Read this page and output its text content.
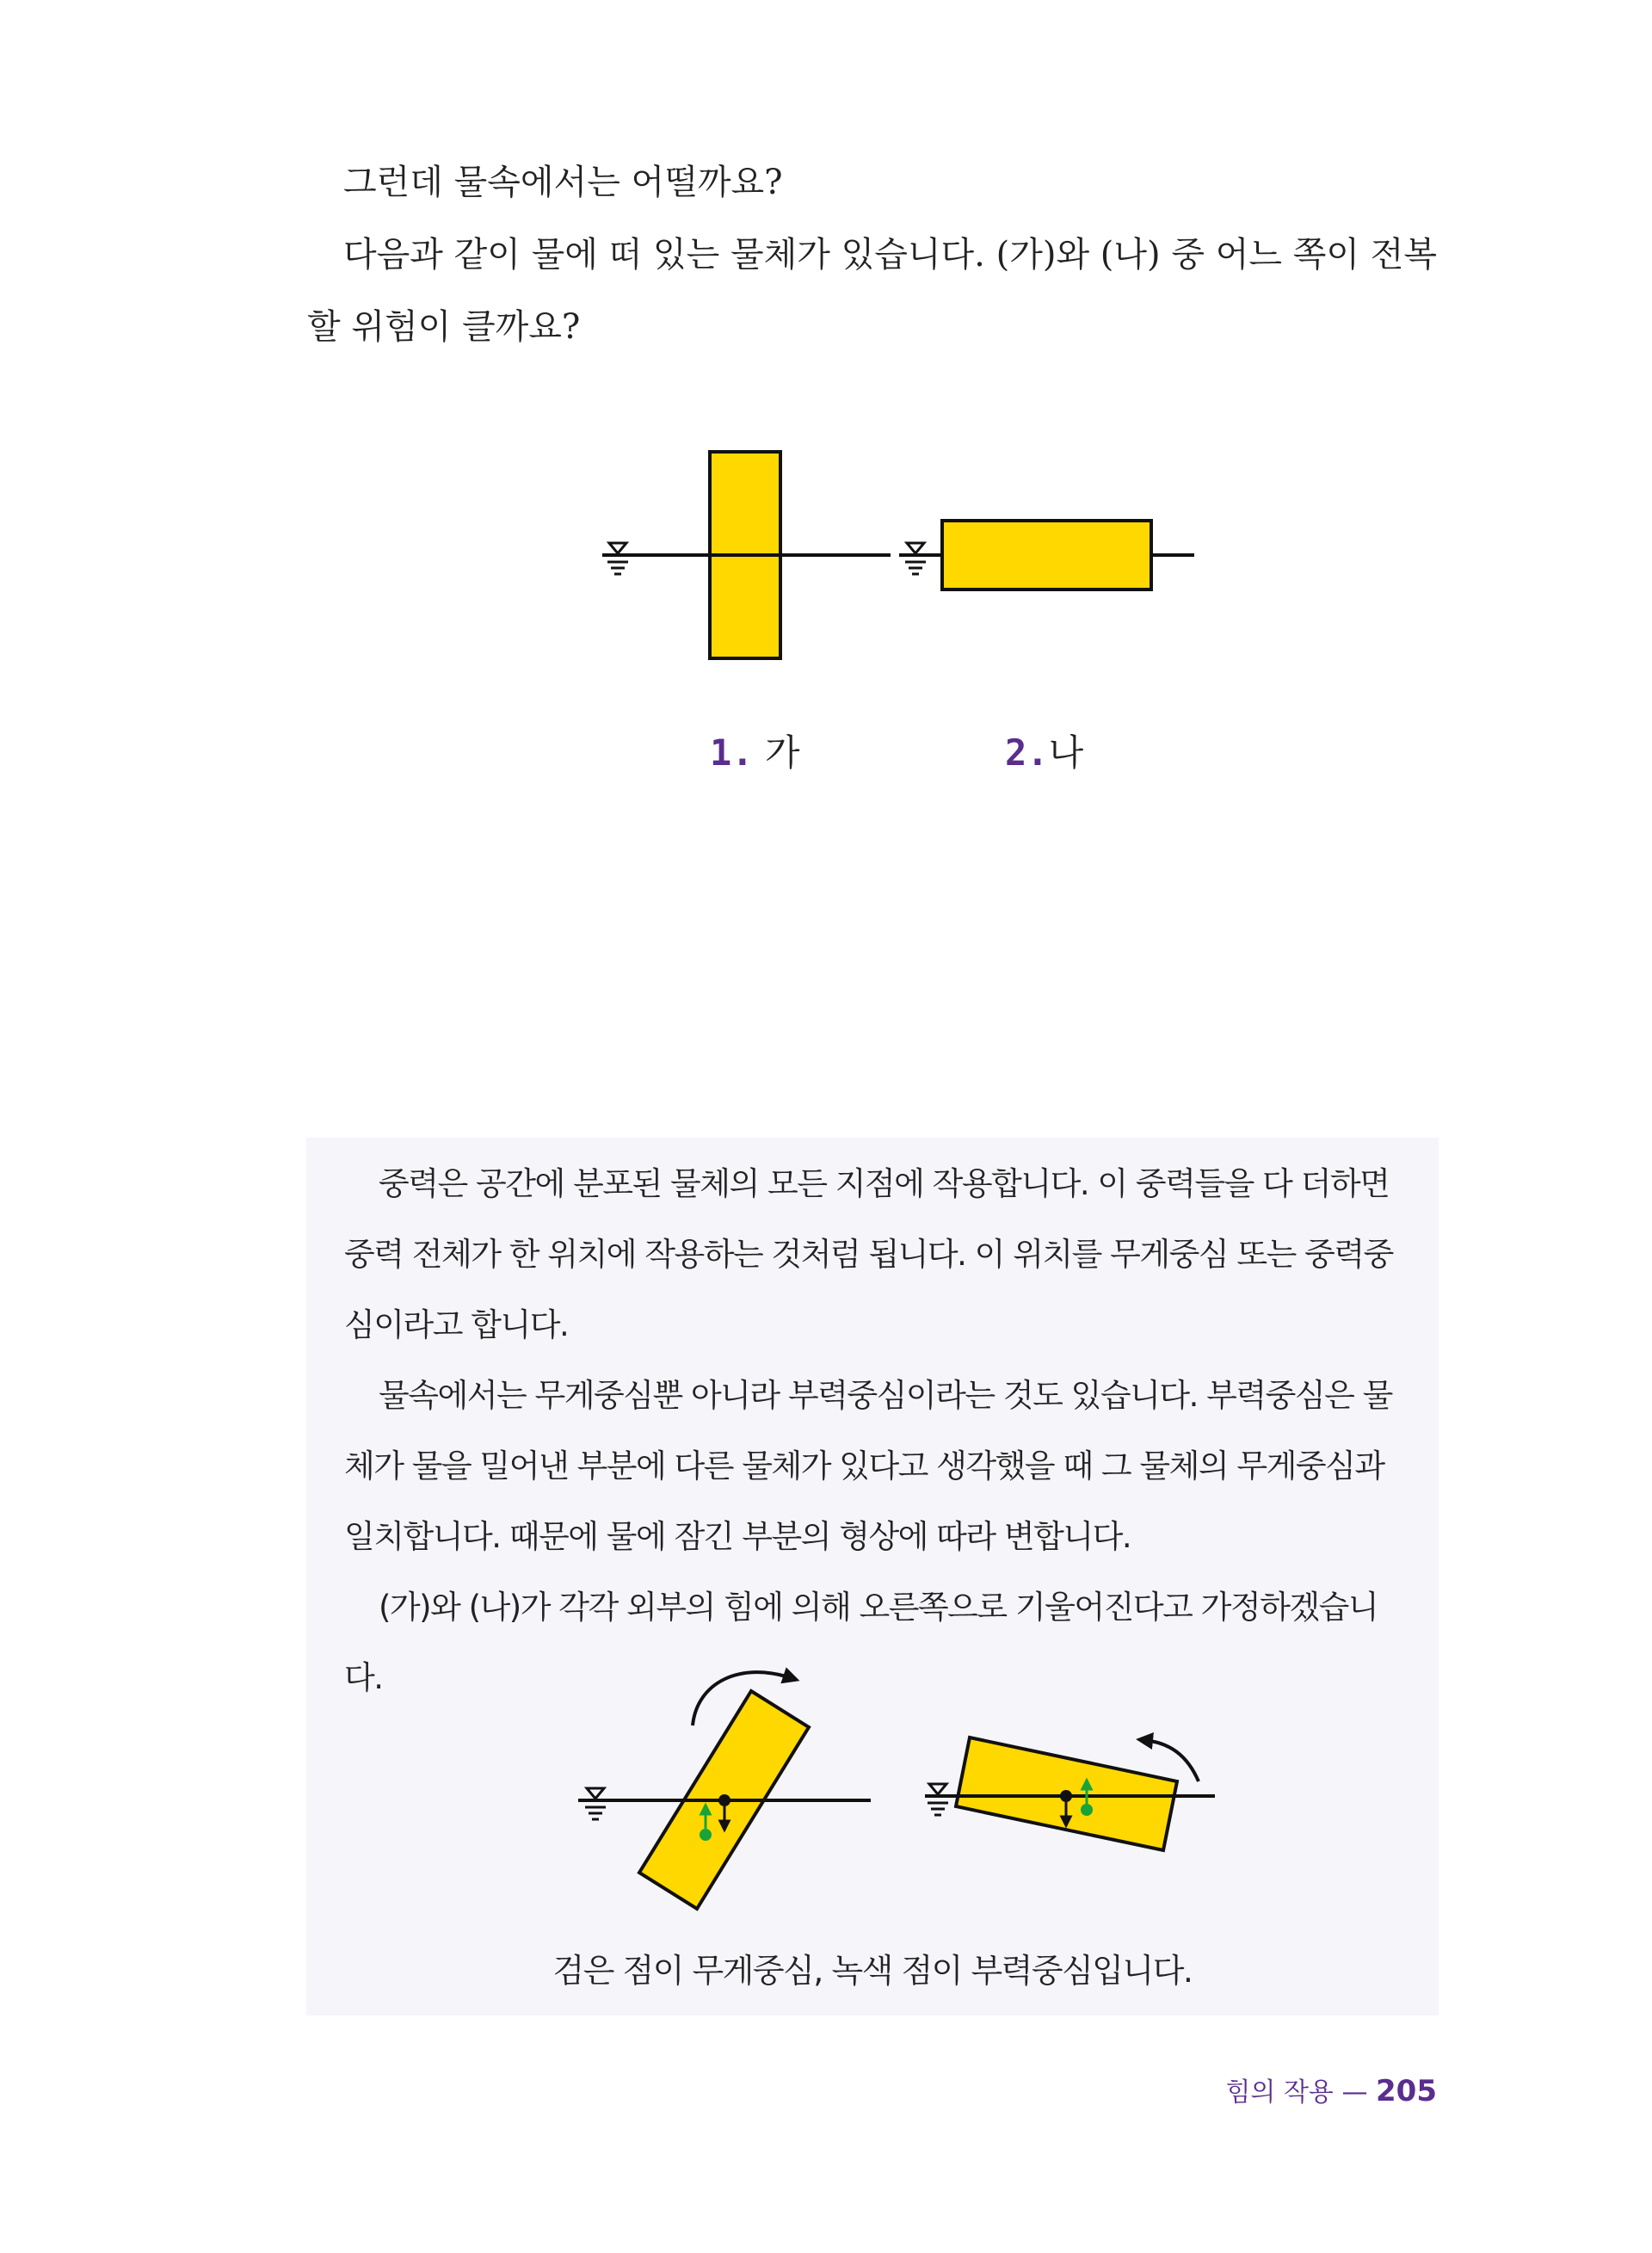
그런데 물속에서는 어떨까요?

다음과 같이 물에 떠 있는 물체가 있습니다. (가)와 (나) 중 어느 쪽이 전복할 위험이 클까요?

1. 가	2.나

중력은 공간에 분포된 물체의 모든 지점에 작용합니다. 이 중력들을 다 더하면 중력 전체가 한 위치에 작용하는 것처럼 됩니다. 이 위치를 무게중심 또는 중력중심이라고 합니다.

물속에서는 무게중심뿐 아니라 부력중심이라는 것도 있습니다. 부력중심은 물체가 물을 밀어낸 부분에 다른 물체가 있다고 생각했을 때 그 물체의 무게중심과 일치합니다. 때문에 물에 잠긴 부분의 형상에 따라 변합니다.

(가)와 (나)가 각각 외부의 힘에 의해 오른쪽으로 기울어진다고 가정하겠습니다.

검은 점이 무게중심, 녹색 점이 부력중심입니다.
힘의 작용 — 205
